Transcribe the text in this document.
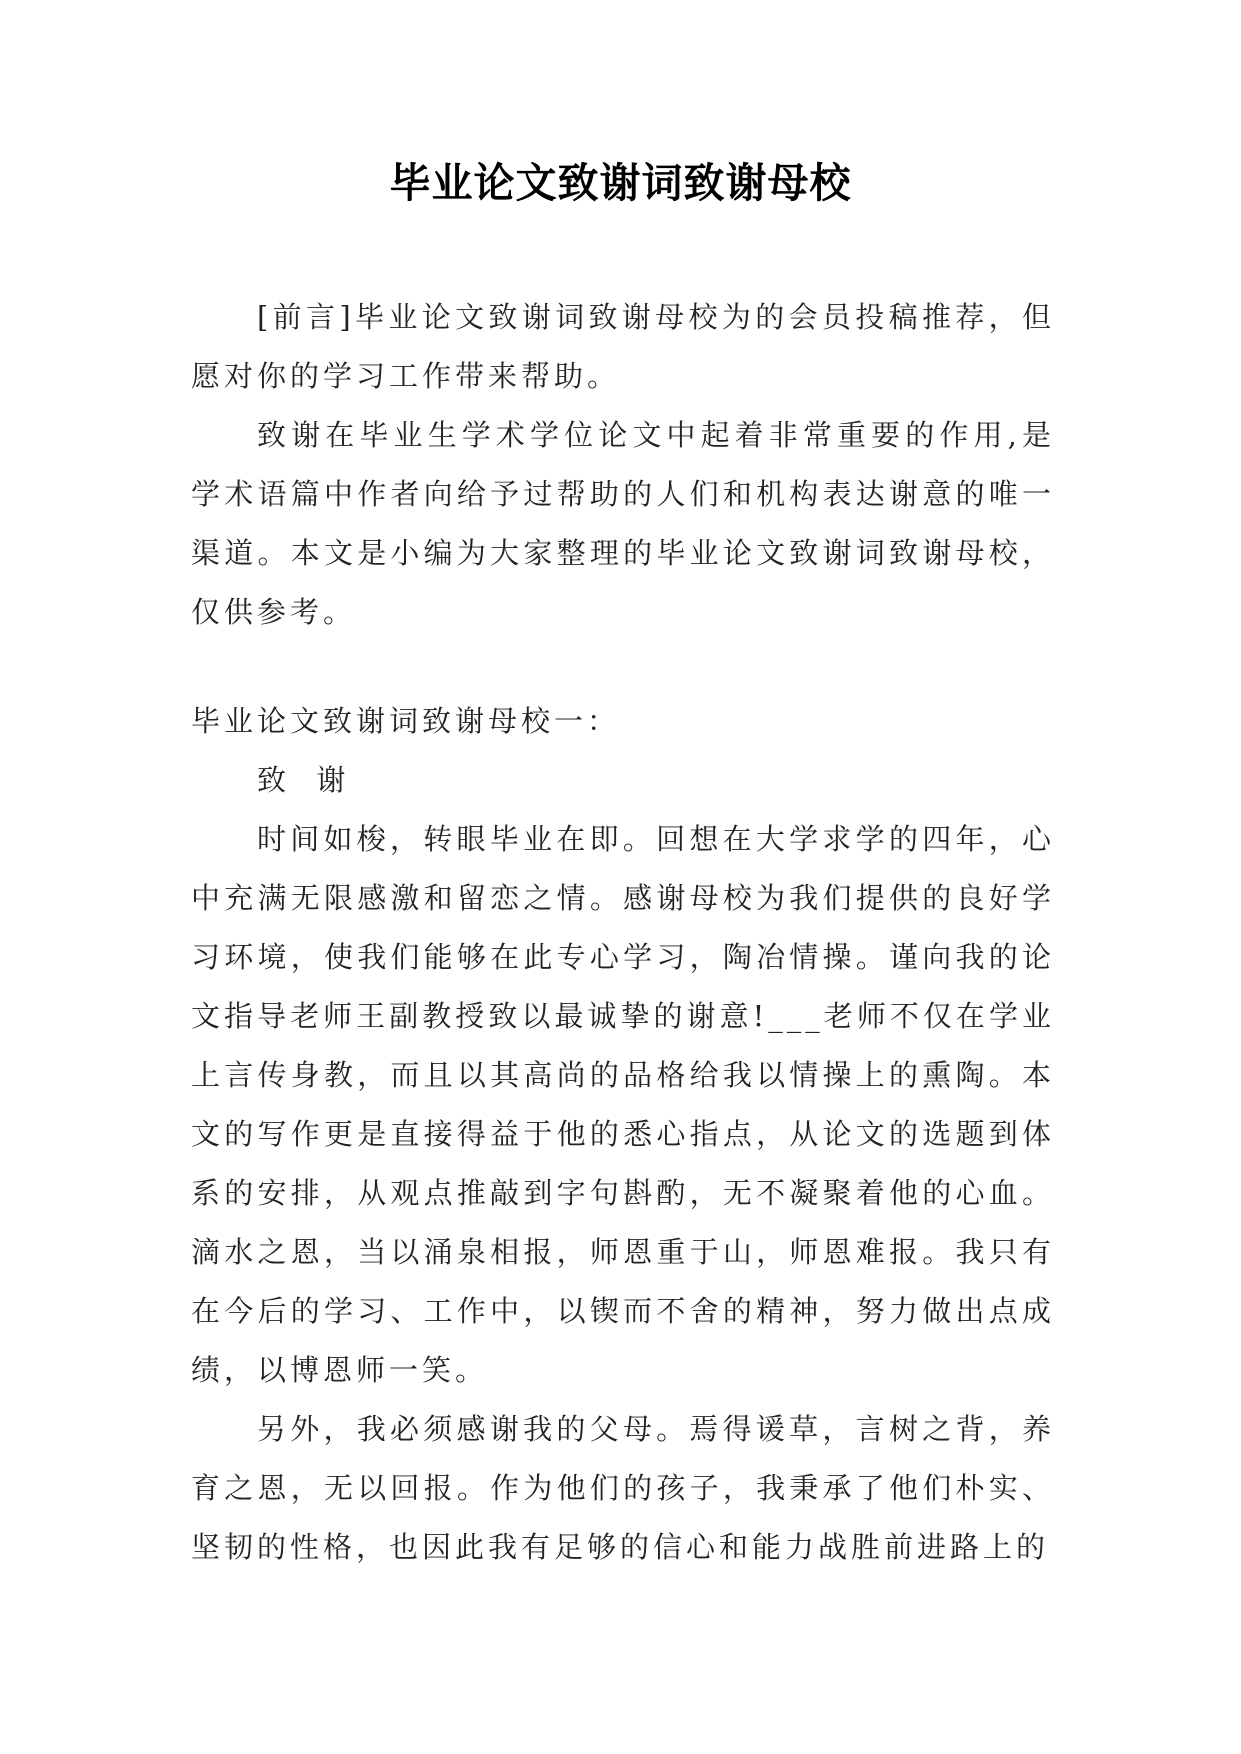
毕业论文致谢词致谢母校

[前言]毕业论文致谢词致谢母校为的会员投稿推荐，但愿对你的学习工作带来帮助。

致谢在毕业生学术学位论文中起着非常重要的作用,是学术语篇中作者向给予过帮助的人们和机构表达谢意的唯一渠道。本文是小编为大家整理的毕业论文致谢词致谢母校，仅供参考。

毕业论文致谢词致谢母校一：

致  谢

时间如梭，转眼毕业在即。回想在大学求学的四年，心中充满无限感激和留恋之情。感谢母校为我们提供的良好学习环境，使我们能够在此专心学习，陶冶情操。谨向我的论文指导老师王副教授致以最诚挚的谢意!___老师不仅在学业上言传身教，而且以其高尚的品格给我以情操上的熏陶。本文的写作更是直接得益于他的悉心指点，从论文的选题到体系的安排，从观点推敲到字句斟酌，无不凝聚着他的心血。滴水之恩，当以涌泉相报，师恩重于山，师恩难报。我只有在今后的学习、工作中，以锲而不舍的精神，努力做出点成绩，以博恩师一笑。

另外，我必须感谢我的父母。焉得谖草，言树之背，养育之恩，无以回报。作为他们的孩子，我秉承了他们朴实、坚韧的性格，也因此我有足够的信心和能力战胜前进路上的
